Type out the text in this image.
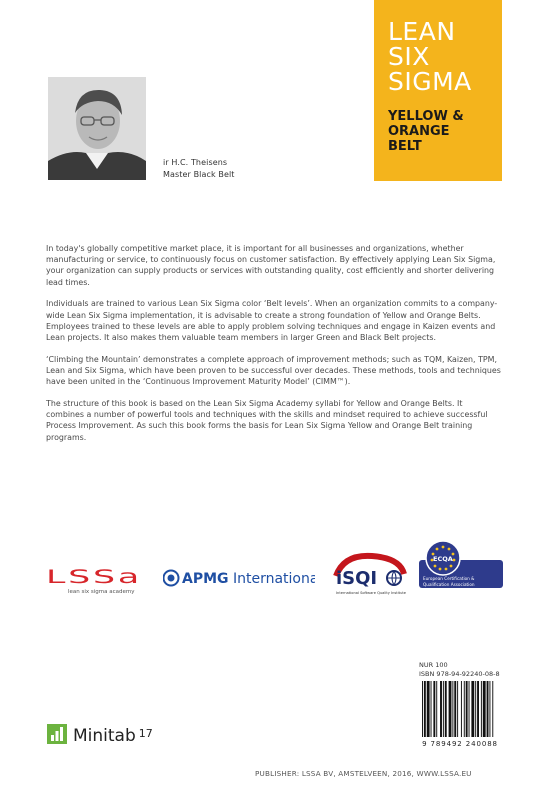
ir H.C. Theisens
Master Black Belt
LEAN
SIX
SIGMA
YELLOW &
ORANGE
BELT

In today's globally competitive market place, it is important for all businesses and organizations, whether manufacturing or service, to continuously focus on customer satisfaction. By effectively applying Lean Six Sigma, your organization can supply products or services with outstanding quality, cost efficiently and shorter delivering lead times.

Individuals are trained to various Lean Six Sigma color ‘Belt levels’. When an organization commits to a company-wide Lean Six Sigma implementation, it is advisable to create a strong foundation of Yellow and Orange Belts. Employees trained to these levels are able to apply problem solving techniques and engage in Kaizen events and Lean projects. It also makes them valuable team members in larger Green and Black Belt projects.

‘Climbing the Mountain’ demonstrates a complete approach of improvement methods; such as TQM, Kaizen, TPM, Lean and Six Sigma, which have been proven to be successful over decades. These methods, tools and techniques have been united in the ‘Continuous Improvement Maturity Model’ (CIMM™).

The structure of this book is based on the Lean Six Sigma Academy syllabi for Yellow and Orange Belts. It combines a number of powerful tools and techniques with the skills and mindset required to achieve successful Process Improvement. As such this book forms the basis for Lean Six Sigma Yellow and Orange Belt training programs.

LSSa
lean six sigma academy
APMG International iSQI
International Software Quality Institute
ECQA
European Certification &
Qualification Association
NUR 100
ISBN 978-94-92240-08-8
9 789492 240088
Minitab $^{17}$
PUBLISHER: LSSA BV, AMSTELVEEN, 2016, WWW.LSSA.EU
